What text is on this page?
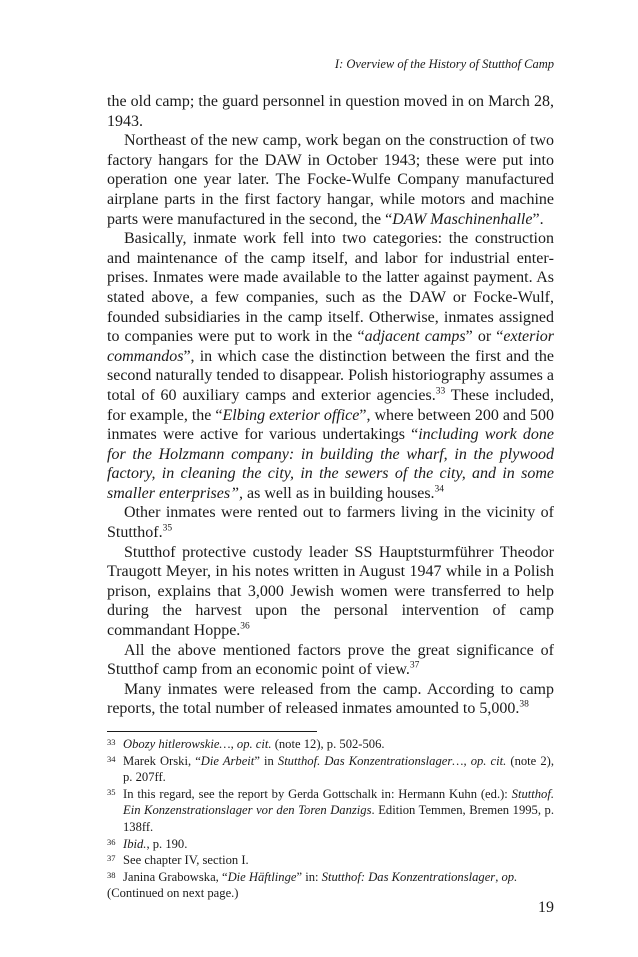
I: Overview of the History of Stutthof Camp

the old camp; the guard personnel in question moved in on March 28, 1943.

Northeast of the new camp, work began on the construction of two factory hangars for the DAW in October 1943; these were put into operation one year later. The Focke-Wulfe Company manufactured airplane parts in the first factory hangar, while motors and machine parts were manufactured in the second, the “DAW Maschinenhalle”.

Basically, inmate work fell into two categories: the construction and maintenance of the camp itself, and labor for industrial enterprises. Inmates were made available to the latter against payment. As stated above, a few companies, such as the DAW or Focke-Wulf, founded subsidiaries in the camp itself. Otherwise, inmates assigned to companies were put to work in the “adjacent camps” or “exterior commandos”, in which case the distinction between the first and the second naturally tended to disappear. Polish historiography assumes a total of 60 auxiliary camps and exterior agencies.$^{33}$ These included, for example, the “Elbing exterior office”, where between 200 and 500 inmates were active for various undertakings “including work done for the Holzmann company: in building the wharf, in the plywood factory, in cleaning the city, in the sewers of the city, and in some smaller enterprises”, as well as in building houses.$^{34}$

Other inmates were rented out to farmers living in the vicinity of Stutthof.$^{35}$

Stutthof protective custody leader SS Hauptsturmführer Theodor Traugott Meyer, in his notes written in August 1947 while in a Polish prison, explains that 3,000 Jewish women were transferred to help during the harvest upon the personal intervention of camp commandant Hoppe.$^{36}$

All the above mentioned factors prove the great significance of Stutthof camp from an economic point of view.$^{37}$

Many inmates were released from the camp. According to camp reports, the total number of released inmates amounted to 5,000.38

33 Obozy hitlerowskie…, op. cit. (note 12), p. 502-506.
34 Marek Orski, “Die Arbeit” in Stutthof. Das Konzentrationslager…, op. cit. (note 2), p. 207ff.
35 In this regard, see the report by Gerda Gottschalk in: Hermann Kuhn (ed.): Stutthof. Ein Konzenstrationslager vor den Toren Danzigs. Edition Temmen, Bremen 1995, p. 138ff.
36 Ibid., p. 190.
37 See chapter IV, section I.
38 Janina Grabowska, “Die Häftlinge” in: Stutthof: Das Konzentrationslager, op.

(Continued on next page.)

19
